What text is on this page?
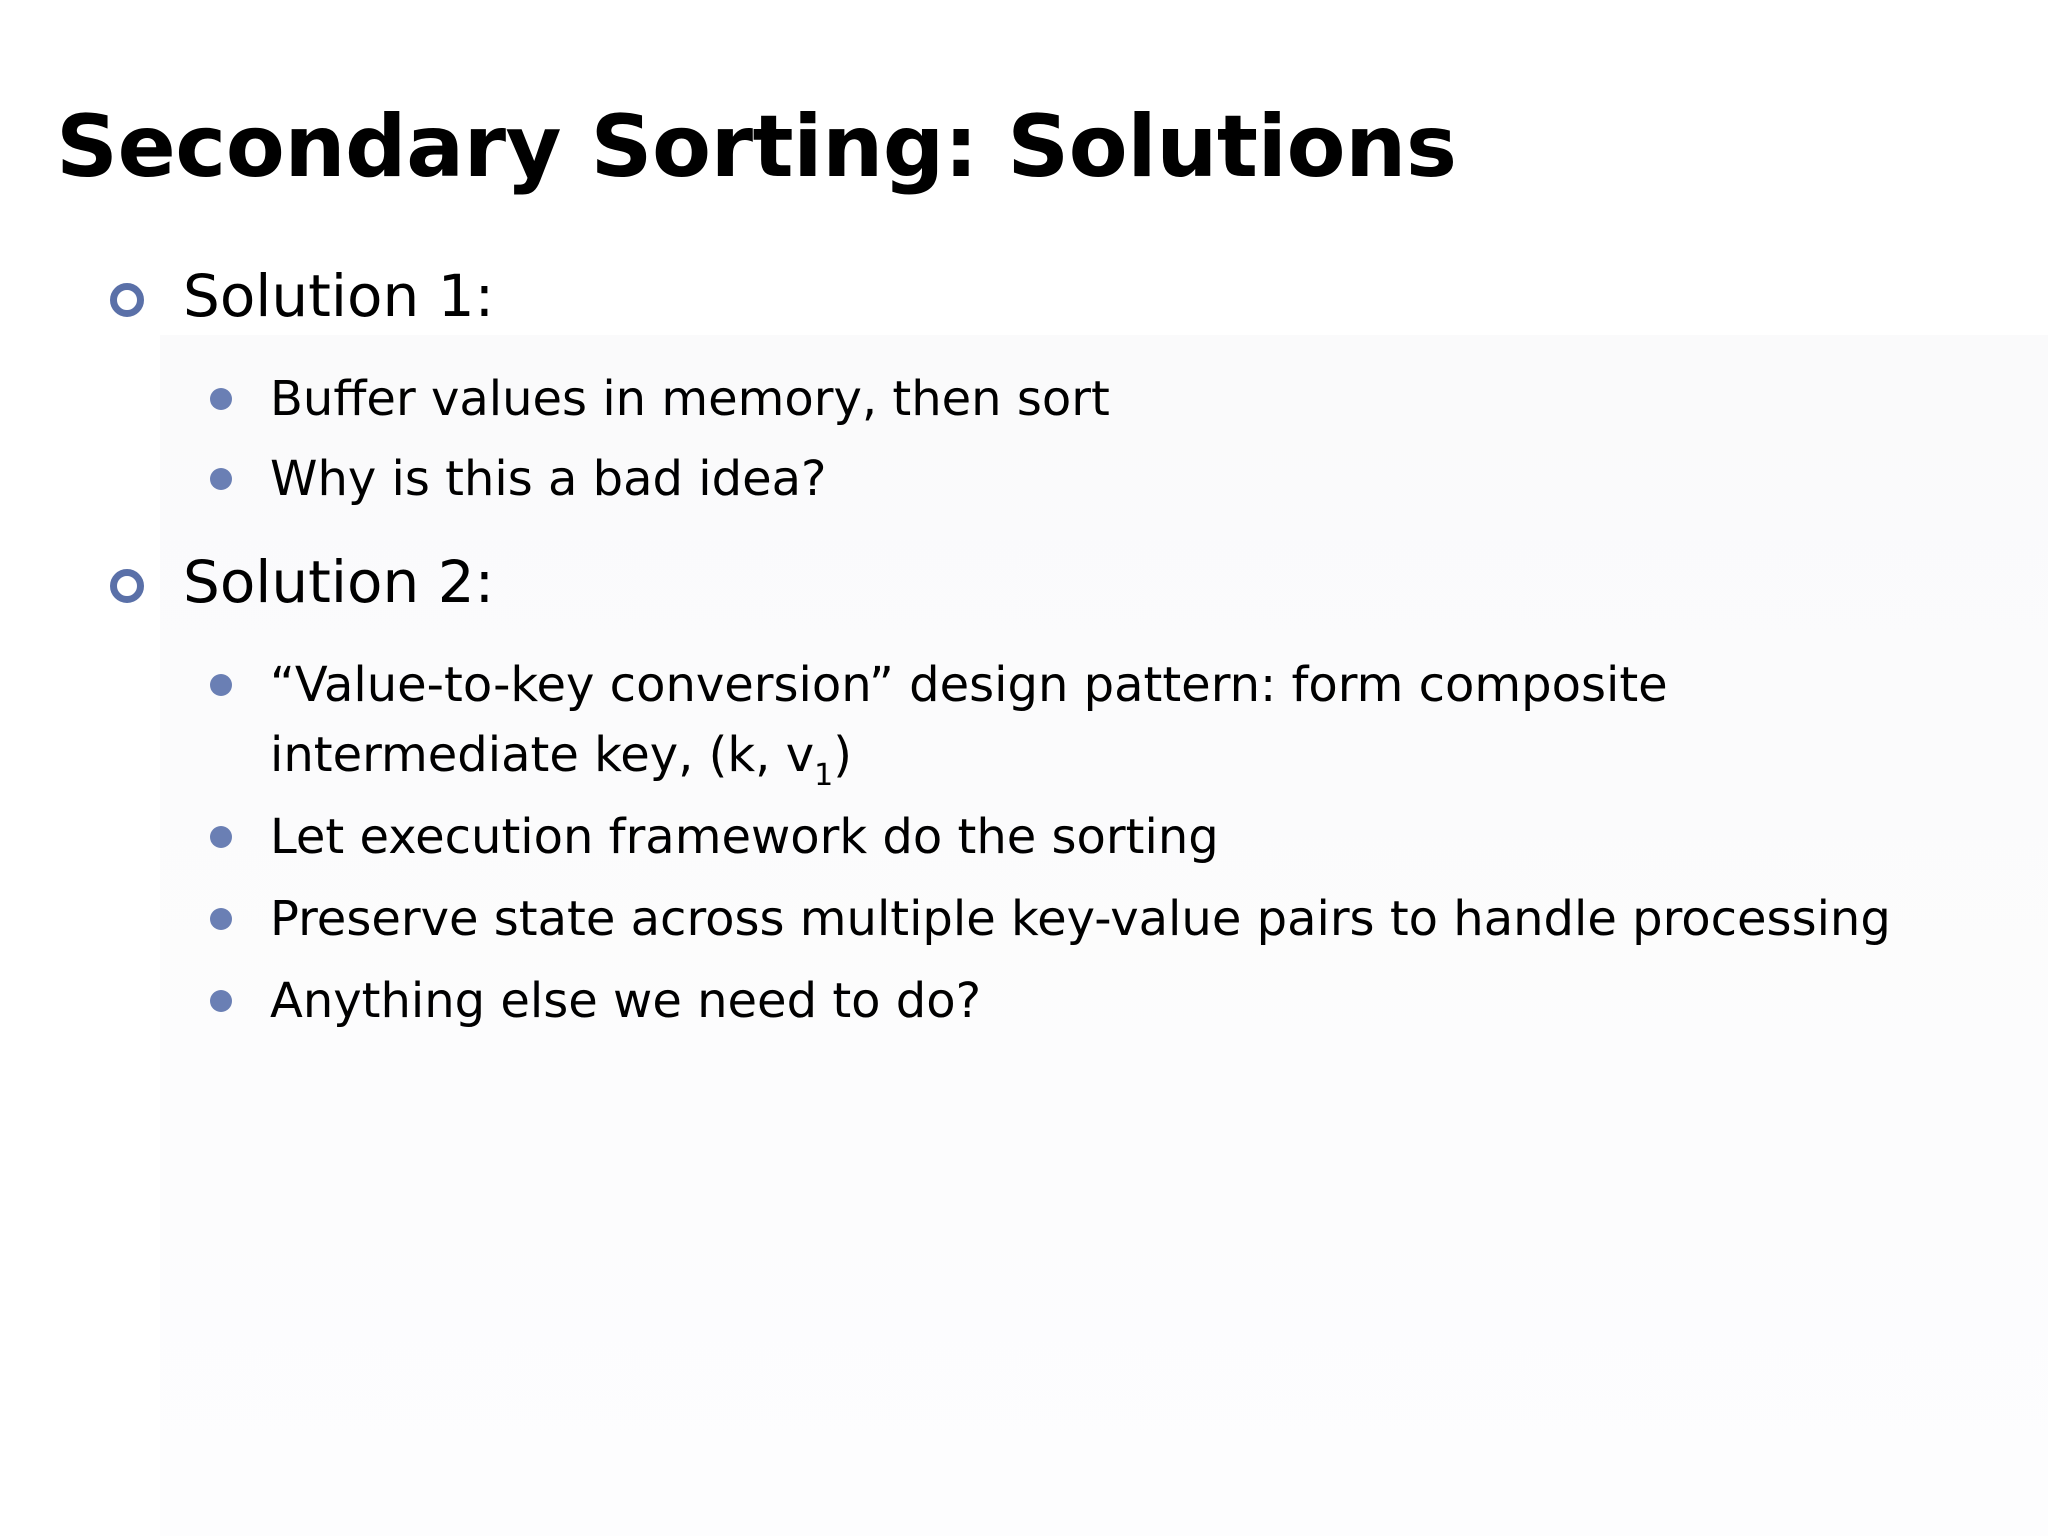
Secondary Sorting: Solutions
Solution 1:
Buffer values in memory, then sort
Why is this a bad idea?
Solution 2:
“Value-to-key conversion” design pattern: form composite intermediate key, (k, $v_1$)
Let execution framework do the sorting
Preserve state across multiple key-value pairs to handle processing
Anything else we need to do?
